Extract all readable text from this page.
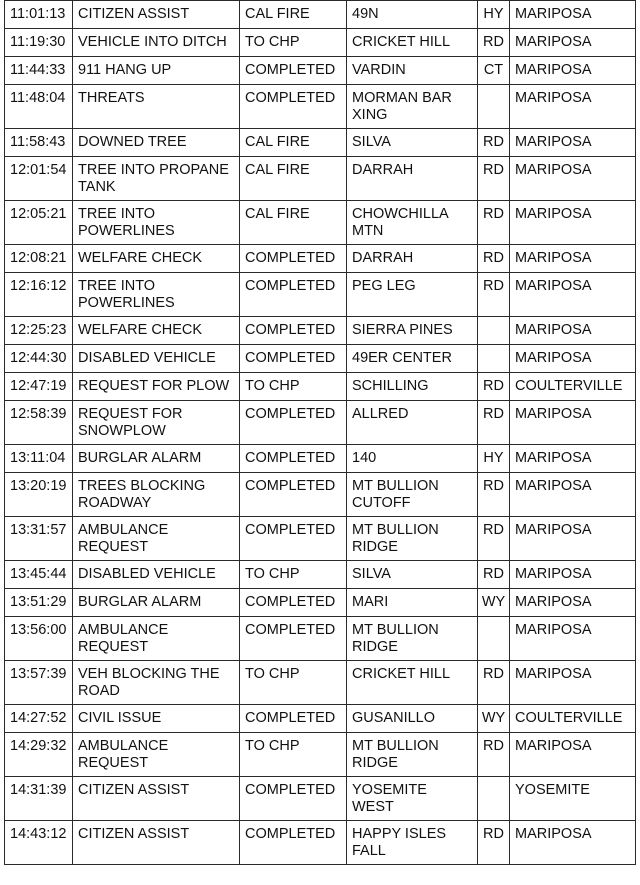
11:01:13	CITIZEN ASSIST	CAL FIRE	49N	HY	MARIPOSA
11:19:30	VEHICLE INTO DITCH	TO CHP	CRICKET HILL	RD	MARIPOSA
11:44:33	911 HANG UP	COMPLETED	VARDIN	CT	MARIPOSA
11:48:04	THREATS	COMPLETED	MORMAN BAR XING		MARIPOSA
11:58:43	DOWNED TREE	CAL FIRE	SILVA	RD	MARIPOSA
12:01:54	TREE INTO PROPANE TANK	CAL FIRE	DARRAH	RD	MARIPOSA
12:05:21	TREE INTO POWERLINES	CAL FIRE	CHOWCHILLA MTN	RD	MARIPOSA
12:08:21	WELFARE CHECK	COMPLETED	DARRAH	RD	MARIPOSA
12:16:12	TREE INTO POWERLINES	COMPLETED	PEG LEG	RD	MARIPOSA
12:25:23	WELFARE CHECK	COMPLETED	SIERRA PINES		MARIPOSA
12:44:30	DISABLED VEHICLE	COMPLETED	49ER CENTER		MARIPOSA
12:47:19	REQUEST FOR PLOW	TO CHP	SCHILLING	RD	COULTERVILLE
12:58:39	REQUEST FOR SNOWPLOW	COMPLETED	ALLRED	RD	MARIPOSA
13:11:04	BURGLAR ALARM	COMPLETED	140	HY	MARIPOSA
13:20:19	TREES BLOCKING ROADWAY	COMPLETED	MT BULLION CUTOFF	RD	MARIPOSA
13:31:57	AMBULANCE REQUEST	COMPLETED	MT BULLION RIDGE	RD	MARIPOSA
13:45:44	DISABLED VEHICLE	TO CHP	SILVA	RD	MARIPOSA
13:51:29	BURGLAR ALARM	COMPLETED	MARI	WY	MARIPOSA
13:56:00	AMBULANCE REQUEST	COMPLETED	MT BULLION RIDGE		MARIPOSA
13:57:39	VEH BLOCKING THE ROAD	TO CHP	CRICKET HILL	RD	MARIPOSA
14:27:52	CIVIL ISSUE	COMPLETED	GUSANILLO	WY	COULTERVILLE
14:29:32	AMBULANCE REQUEST	TO CHP	MT BULLION RIDGE	RD	MARIPOSA
14:31:39	CITIZEN ASSIST	COMPLETED	YOSEMITE WEST		YOSEMITE
14:43:12	CITIZEN ASSIST	COMPLETED	HAPPY ISLES FALL	RD	MARIPOSA
